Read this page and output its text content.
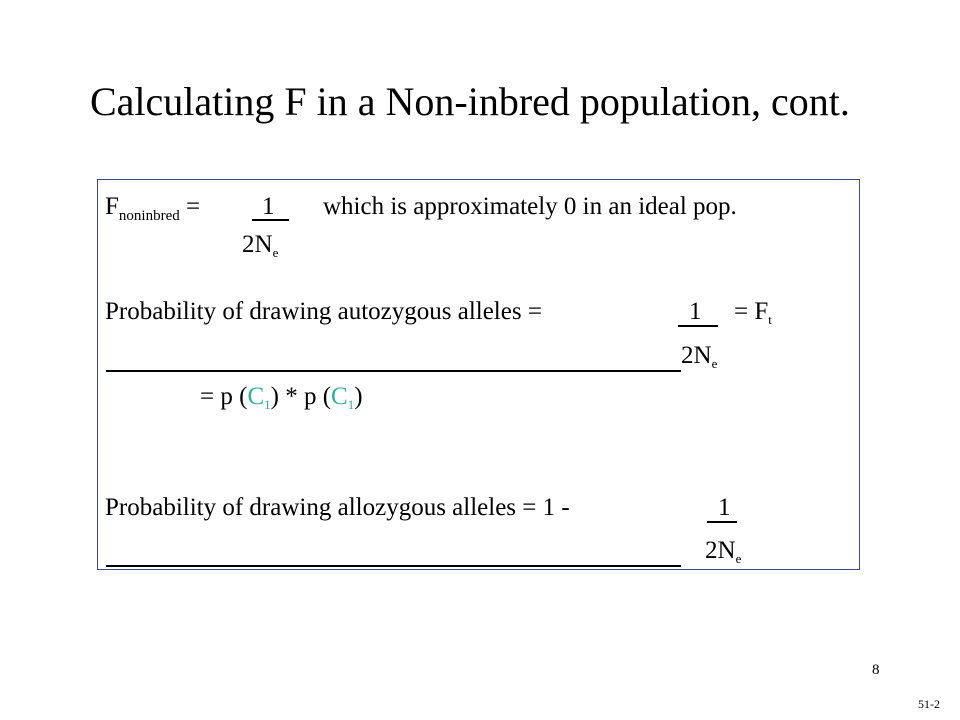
Calculating F in a Non-inbred population, cont.
$F_{noninbred} = 1$ which is approximately 0 in an ideal pop.
$2N_e$
Probability of drawing autozygous alleles =	$1 = F_t$
$2N_e$
= p $(C_1)$ * p $(C_1)$
Probability of drawing allozygous alleles = 1 -	1
$2N_e$
8
51-2
